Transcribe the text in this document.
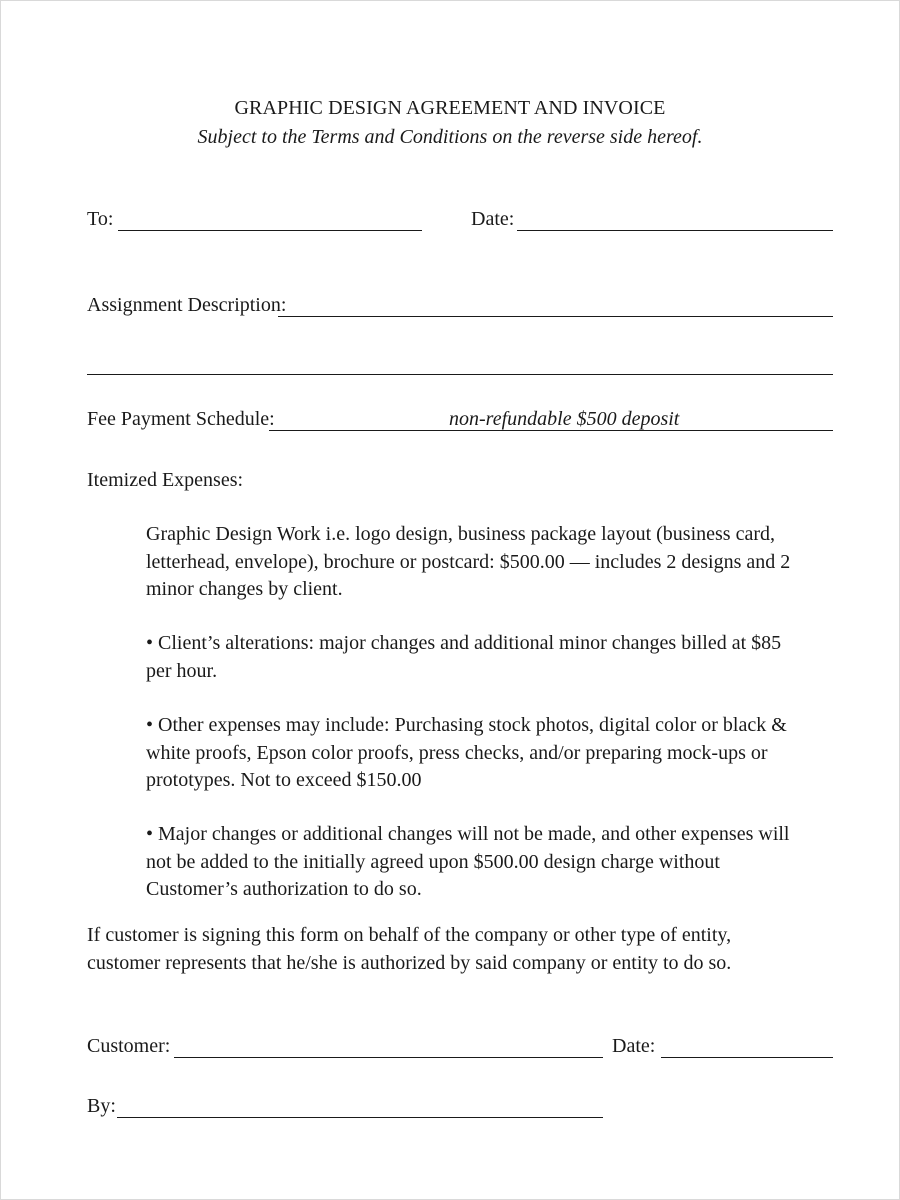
GRAPHIC DESIGN AGREEMENT AND INVOICE
Subject to the Terms and Conditions on the reverse side hereof.
To:	Date:
Assignment Description:
Fee Payment Schedule:	non-refundable $500 deposit
Itemized Expenses:

Graphic Design Work i.e. logo design, business package layout (business card, letterhead, envelope), brochure or postcard: $500.00 — includes 2 designs and 2 minor changes by client.

• Client’s alterations: major changes and additional minor changes billed at $85 per hour.

• Other expenses may include: Purchasing stock photos, digital color or black & white proofs, Epson color proofs, press checks, and/or preparing mock-ups or prototypes. Not to exceed $150.00

• Major changes or additional changes will not be made, and other expenses will not be added to the initially agreed upon $500.00 design charge without Customer’s authorization to do so.

If customer is signing this form on behalf of the company or other type of entity, customer represents that he/she is authorized by said company or entity to do so.

Customer:	Date:
By:
